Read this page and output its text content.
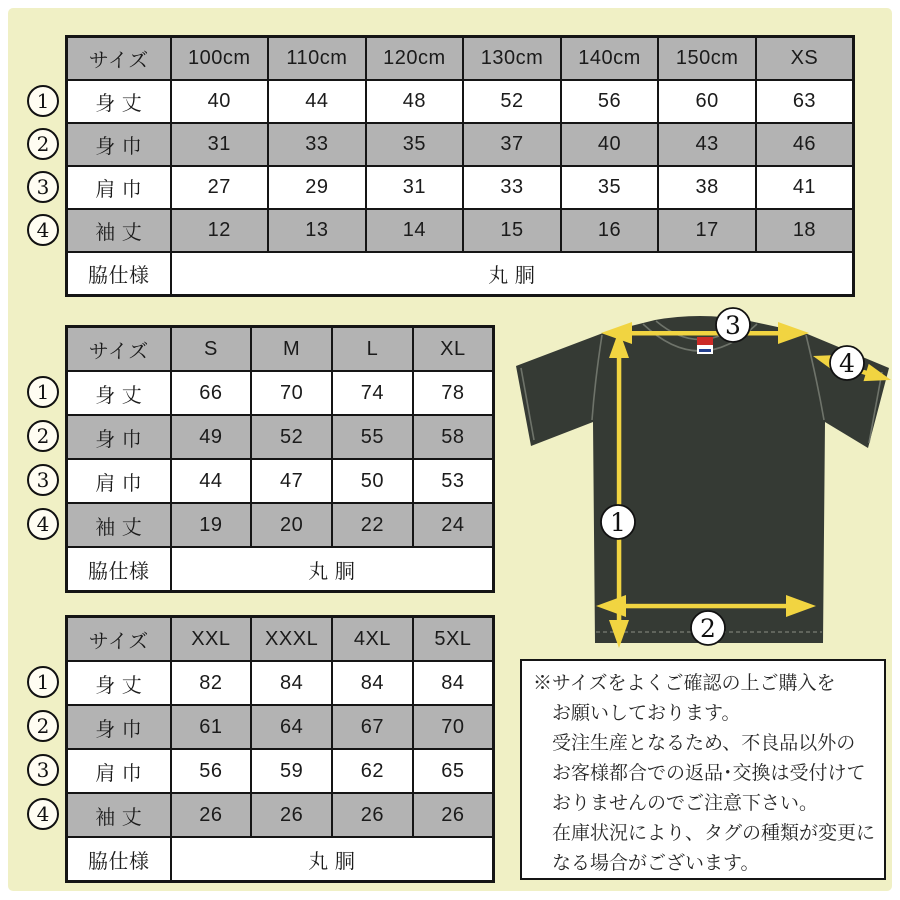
サイズ	100cm	110cm	120cm	130cm	140cm	150cm	XS
身 丈	40	44	48	52	56	60	63
身 巾	31	33	35	37	40	43	46
肩 巾	27	29	31	33	35	38	41
袖 丈	12	13	14	15	16	17	18
脇仕様	丸 胴						
1
2
3
4
サイズ	S	M	L	XL
身 丈	66	70	74	78
身 巾	49	52	55	58
肩 巾	44	47	50	53
袖 丈	19	20	22	24
脇仕様	丸 胴			
1
2
3
4
サイズ	XXL	XXXL	4XL	5XL
身 丈	82	84	84	84
身 巾	61	64	67	70
肩 巾	56	59	62	65
袖 丈	26	26	26	26
脇仕様	丸 胴			
1
2
3
4
1
2
3
4

※サイズをよくご確認の上ご購入を

お願いしております。

受注生産となるため、不良品以外の

お客様都合での返品･交換は受付けて

おりませんのでご注意下さい。

在庫状況により、タグの種類が変更に

なる場合がございます。
